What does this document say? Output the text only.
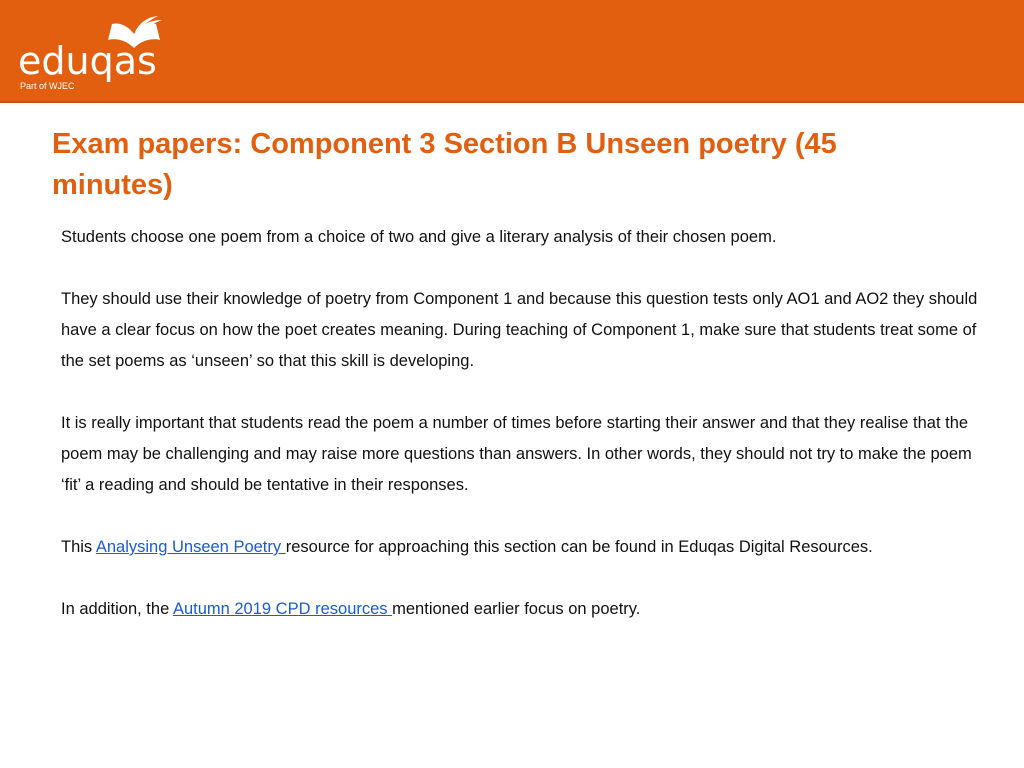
eduqas
Part of WJEC
Exam papers: Component 3 Section B Unseen poetry (45 minutes)

Students choose one poem from a choice of two and give a literary analysis of their chosen poem.

They should use their knowledge of poetry from Component 1 and because this question tests only AO1 and AO2 they should have a clear focus on how the poet creates meaning. During teaching of Component 1, make sure that students treat some of the set poems as ‘unseen’ so that this skill is developing.

It is really important that students read the poem a number of times before starting their answer and that they realise that the poem may be challenging and may raise more questions than answers. In other words, they should not try to make the poem ‘fit’ a reading and should be tentative in their responses.

This Analysing Unseen Poetry resource for approaching this section can be found in Eduqas Digital Resources.

In addition, the Autumn 2019 CPD resources mentioned earlier focus on poetry.
